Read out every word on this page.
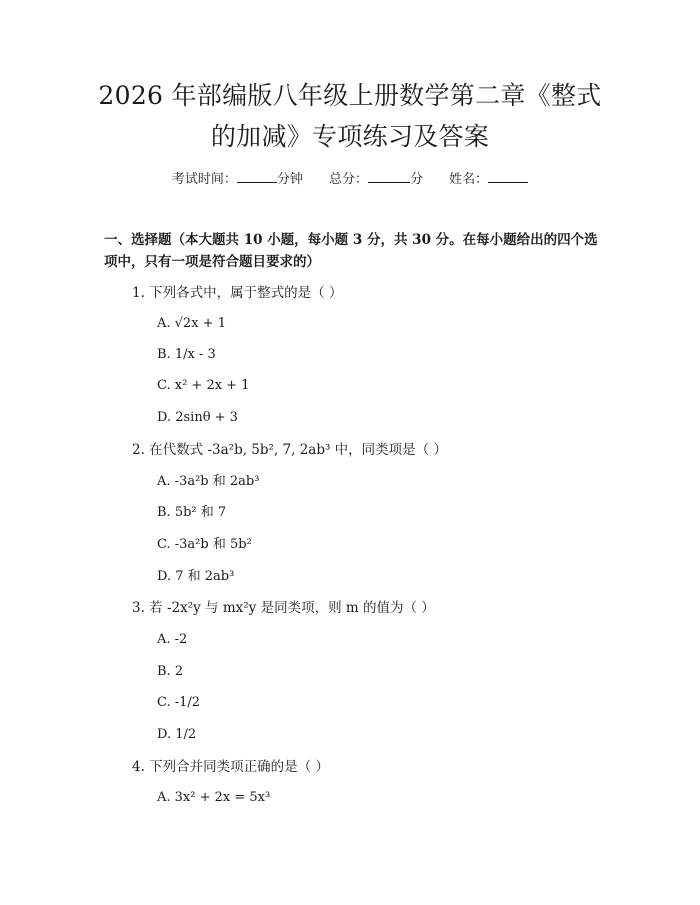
2026 年部编版八年级上册数学第二章《整式
的加减》专项练习及答案
考试时间：	分钟 总分：	分 姓名：
一、选择题（本大题共 10 小题，每小题 3 分，共 30 分。在每小题给出的四个选
项中，只有一项是符合题目要求的）
1. 下列各式中，属于整式的是（ ）
A. √2x + 1
B. 1/x - 3
C. x² + 2x + 1
D. 2sinθ + 3
2. 在代数式 -3a²b, 5b², 7, 2ab³ 中，同类项是（ ）
A. -3a²b 和 2ab³
B. 5b² 和 7
C. -3a²b 和 5b²
D. 7 和 2ab³
3. 若 -2x²y 与 mx²y 是同类项，则 m 的值为（ ）
A. -2
B. 2
C. -1/2
D. 1/2
4. 下列合并同类项正确的是（ ）
A. 3x² + 2x = 5x³
